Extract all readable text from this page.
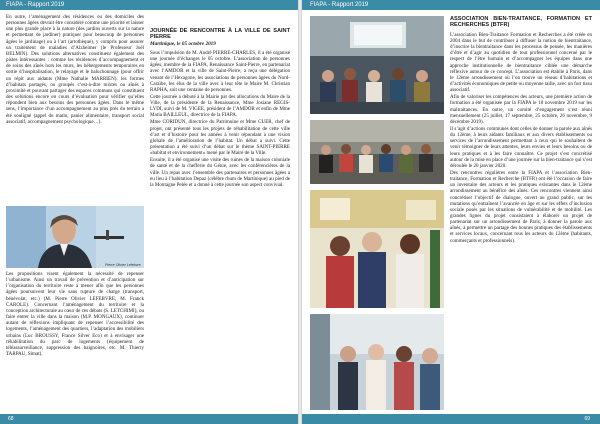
FIAPA - Rapport 2019

En outre, l’aménagement des résidences ou des domiciles des personnes âgées devrait être considéré comme une priorité et laisser une plus grande place à la nature (des jardins ouverts sur la nature et permettant de jardiner) pratiquer pour beaucoup de personnes âgées le jardinage) ou à l’art (artothèque), y compris pour assurer un traitement de maladies d’Alzheimer (le Professeur Joël BELMIN). Des solutions alternatives constituent également des pistes intéressantes : comme les résidences d’accompagnement et de soins des aînés hors les murs, les hébergements temporaires en sortie d’hospitalisation, le relayage et le baluchonnage (pour offrir un répit aux aidants (Mme Nathalie MARRIEN). les formes d’habitats partagés, ou groupés c’est-à-dire mixtes ou aînés à proximité et pouvant partager des espaces communs qui constituent des solutions encore en cours d’évaluation pour vérifier qu’elles répondent bien aux besoins des personnes âgées. Dans le même sens, l’importance d’un accompagnement au plus près du terrain a été souligné (appel du matin, panier alimentaire, transport social associatif, accompagnement psychologique…).

Pierre Olivier Lefebvre

Les propositions visent également la nécessité de repenser l’urbanisme. Ainsi un travail de prévention et d’anticipation sur l’organisation du territoire reste à mener afin que les personnes âgées poursuivent leur vie sans rupture de charge (transport, bénévolat, etc.) (M. Pierre Olivier LEFEBVRE, M. Franck CAROLE). Concernant l’aménagement du territoire et la conception architecturale au cœur de ces débats (S. LETCHIMI), ou faire entrer la ville dans la maison (M.P. MONGAUX), continuer autant de réflexions impliquant de repenser l’accessibilité des logements, l’aménagement des quartiers, l’adaptation des mobiliers urbains (Luc BROUSSY, France Silver Eco) et à envisager une réhabilitation du parc de logements (équipement de téléassurveillance, suppression des baignoires, etc. M. Thierry TARPAU, Simat).

JOURNÉE DE RENCONTRE À LA VILLE DE SAINT PIERRE
Martinique, le 05 octobre 2019

Sous l’impulsion de M. André PIERRE-CHARLES, il a été organisé une journée d’échanges le 05 octobre. L’association de personnes âgées, membre de la FIAPA, Renaissance Saint-Pierre, en partenariat avec l’AMDOR et la ville de Saint-Pierre, a reçu une délégation venant de l’Hexagone, les associations de personnes âgées du Nord-Caraïbe, les élus de la ville avec à leur tête le Maire M. Christian RAPHA, soit une centaine de personnes.

Cette journée a débuté à la Mairie par des allocutions du Maire de la Ville, de la présidente de la Renaissance, Mme Josiane REGIS-LYDI, suivi de M. VIGEE, président de l’AMDOR et enfin de Mme Maria BAILLEUL, directrice de la FIAPA.

Mme CORIDUN, directrice du Patrimoine et Mme CUER, chef de projet, ont présenté tous les projets de réhabilitation de cette ville d’art et d’histoire pour les années à venir répondant à une vision globale de l’amélioration de l’habitat. Un débat a suivi. Cette présentation a été suivi d’un débat sur le thème SAINT-PIERRE «habitat et environnement» mené par le Maire de la Ville.

Ensuite, il a été organisé une visite des ruines de la maison coloniale de santé et de la chefferie du Génie, avec les conférencières de la ville. Un repas avec l’ensemble des partenaires et personnes âgées a eu lieu à l’habitation Depaz (célèbre rhum de Martinique) au pied de la Montagne Pelée et a donné à cette journée son aspect convivial.

68
FIAPA - Rapport 2019
ASSOCIATION BIEN-TRAITANCE, FORMATION ET RECHERCHES (BTFR)

L’association Bien-Traitance Formation et Recherches a été créée en 2004 dans le but de contribuer à diffuser la notion de bientraitance, d’inscrire la bientraitance dans les processus de pensée, les manières d’être et d’agir au quotidien de tout professionnel concerné par le respect de l’être humain et d’accompagner les équipes dans une approche institutionnelle de bientraitance ciblée une démarche réflexive autour de ce concept. L’association est établie à Paris, dans le 12ème arrondissement où l’on trouve un réseau d’habitations et d’activités économiques de petite ou moyenne taille, avec un fort tissu associatif.

Afin de valoriser les compétences des acteurs, une première action de formation a été organisée par la FIAPA le 18 novembre 2019 sur les maltraitances. En outre, un comité d’engagement s’est réuni mensuellement (25 juillet, 17 septembre, 25 octobre, 26 novembre, 9 décembre 2019).

Il s’agit d’actions communes dont celles de donner la parole aux aînés du 12ème, à leurs aidants familiaux et aux divers établissements ou services de l’arrondissement permettant à ceux qui le souhaitent de venir témoigner de leurs attentes, leurs envies et leurs besoins ou de leurs pratiques et à les faire connaître. Ce projet s’est concrétisé autour de la mise en place d’une journée sur la bien-traitance qui s’est déroulée le 20 janvier 2020.

Des rencontres régulières entre la FIAPA et l’association Bien-traitance, Formation et Recherche (BTFR) ont été l’occasion de faire un inventaire des acteurs et les pratiques existantes dans le 12ème arrondissement au bénéfice des aînés. Ces rencontres viennent ainsi concrétiser l’objectif de dialogue, ouvert au grand public, sur les mutations qu’entraînent l’avancée en âge et sur les effets d’inclusion sociale posés par les situations de vulnérabilité et de mobilité. Les grandes lignes du projet consistaient à élaborer un projet de partenariat sur un arrondissement de Paris, à donner la parole aux aînés, à permettre un partage des bonnes pratiques des établissements et services locaux, concernant tous les acteurs du 12ème (habitants, commerçants et professionnels).

69
